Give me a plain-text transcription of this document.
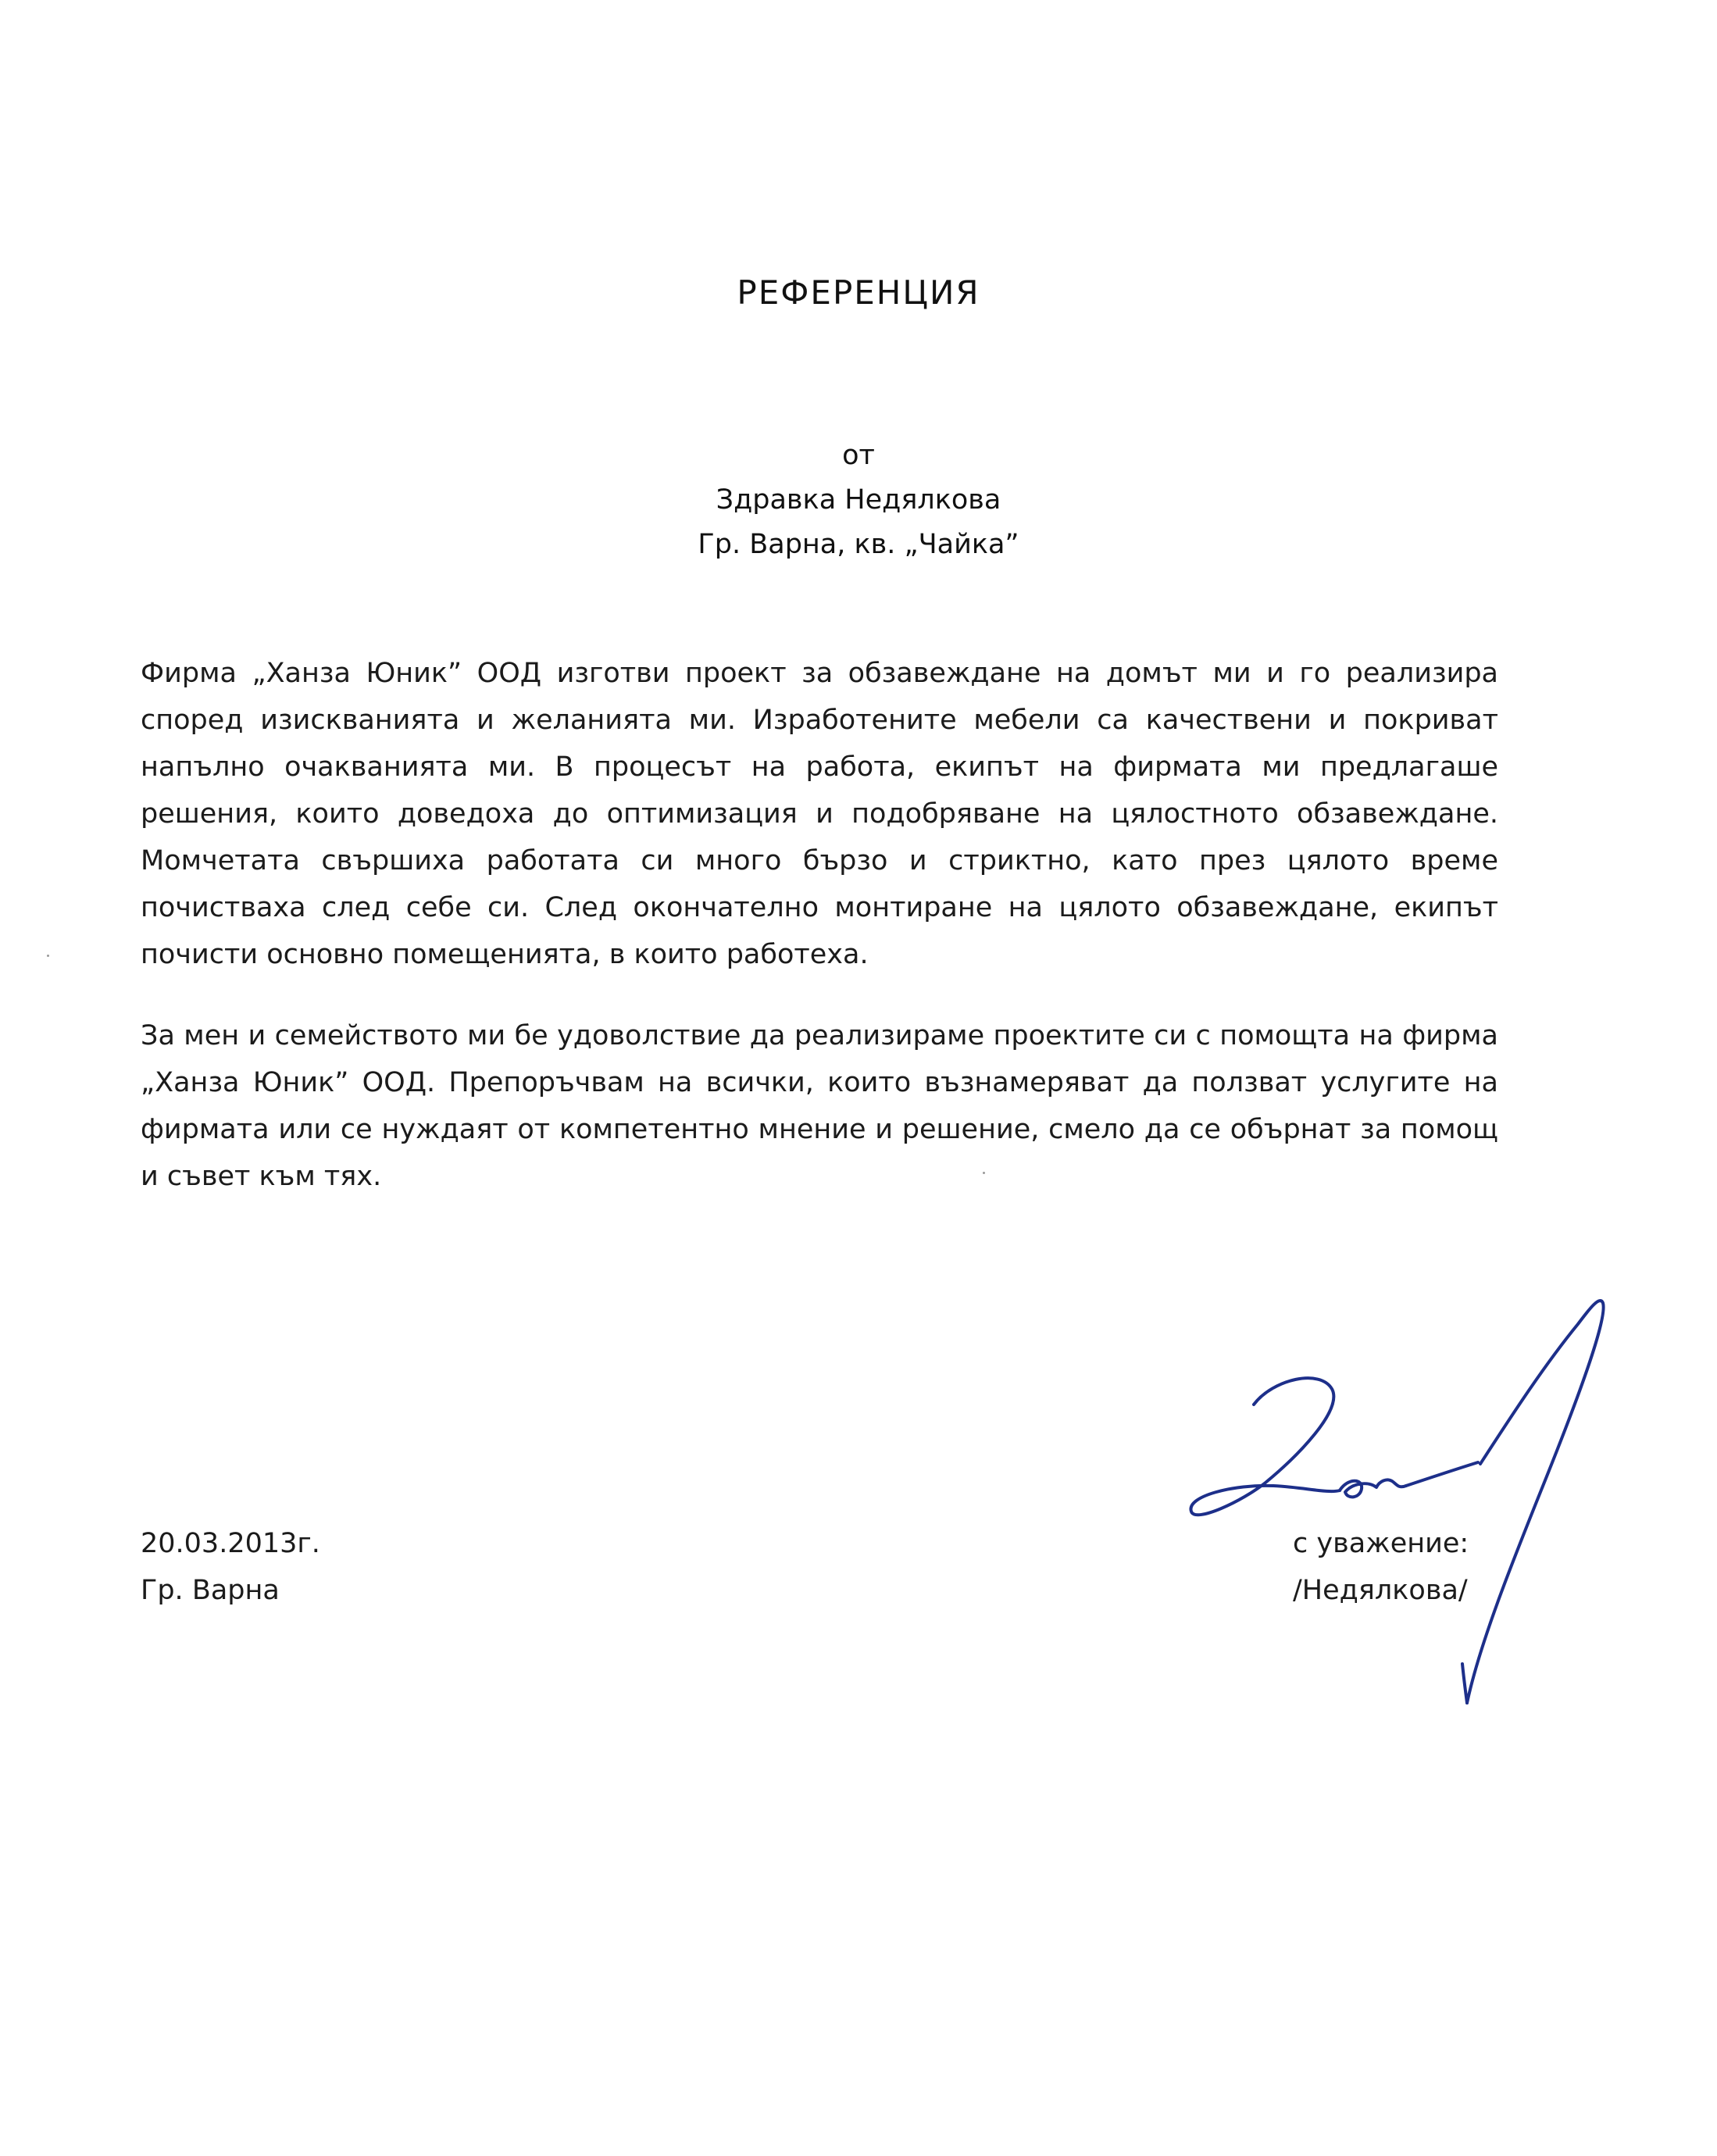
РЕФЕРЕНЦИЯ
от
Здравка Недялкова
Гр. Варна, кв. „Чайка”

Фирма „Ханза Юник” ООД изготви проект за обзавеждане на домът ми и го реализира според изискванията и желанията ми. Изработените мебели са качествени и покриват напълно очакванията ми. В процесът на работа, екипът на фирмата ми предлагаше решения, които доведоха до оптимизация и подобряване на цялостното обзавеждане. Момчетата свършиха работата си много бързо и стриктно, като през цялото време почистваха след себе си. След окончателно монтиране на цялото обзавеждане, екипът почисти основно помещенията, в които работеха.

За мен и семейството ми бе удоволствие да реализираме проектите си с помощта на фирма „Ханза Юник” ООД. Препоръчвам на всички, които възнамеряват да ползват услугите на фирмата или се нуждаят от компетентно мнение и решение, смело да се обърнат за помощ и съвет към тях.

20.03.2013г.
Гр. Варна
с уважение:
/Недялкова/
